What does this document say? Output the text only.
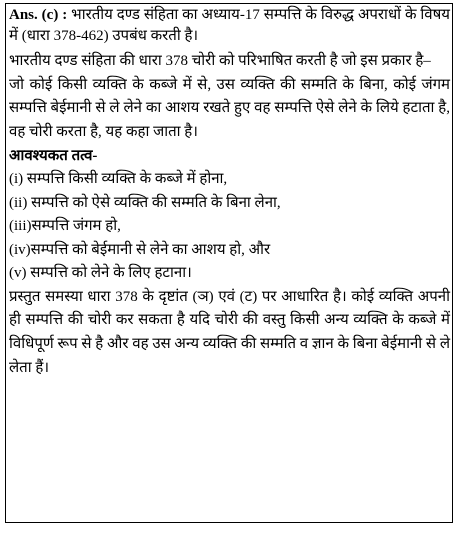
Ans. (c) : भारतीय दण्ड संहिता का अध्याय-17 सम्पत्ति के विरुद्ध अपराधों के विषय में (धारा 378-462) उपबंध करती है।

भारतीय दण्ड संहिता की धारा 378 चोरी को परिभाषित करती है जो इस प्रकार है–

जो कोई किसी व्यक्ति के कब्जे में से, उस व्यक्ति की सम्मति के बिना, कोई जंगम सम्पत्ति बेईमानी से ले लेने का आशय रखते हुए वह सम्पत्ति ऐसे लेने के लिये हटाता है, वह चोरी करता है, यह कहा जाता है।

आवश्यकत तत्व-

(i) सम्पत्ति किसी व्यक्ति के कब्जे में होना,

(ii) सम्पत्ति को ऐसे व्यक्ति की सम्मति के बिना लेना,

(iii)सम्पत्ति जंगम हो,

(iv)सम्पत्ति को बेईमानी से लेने का आशय हो, और

(v) सम्पत्ति को लेने के लिए हटाना।

प्रस्तुत समस्या धारा 378 के दृष्टांत (ञ) एवं (ट) पर आधारित है। कोई व्यक्ति अपनी ही सम्पत्ति की चोरी कर सकता है यदि चोरी की वस्तु किसी अन्य व्यक्ति के कब्जे में विधिपूर्ण रूप से है और वह उस अन्य व्यक्ति की सम्मति व ज्ञान के बिना बेईमानी से ले लेता हैं।
